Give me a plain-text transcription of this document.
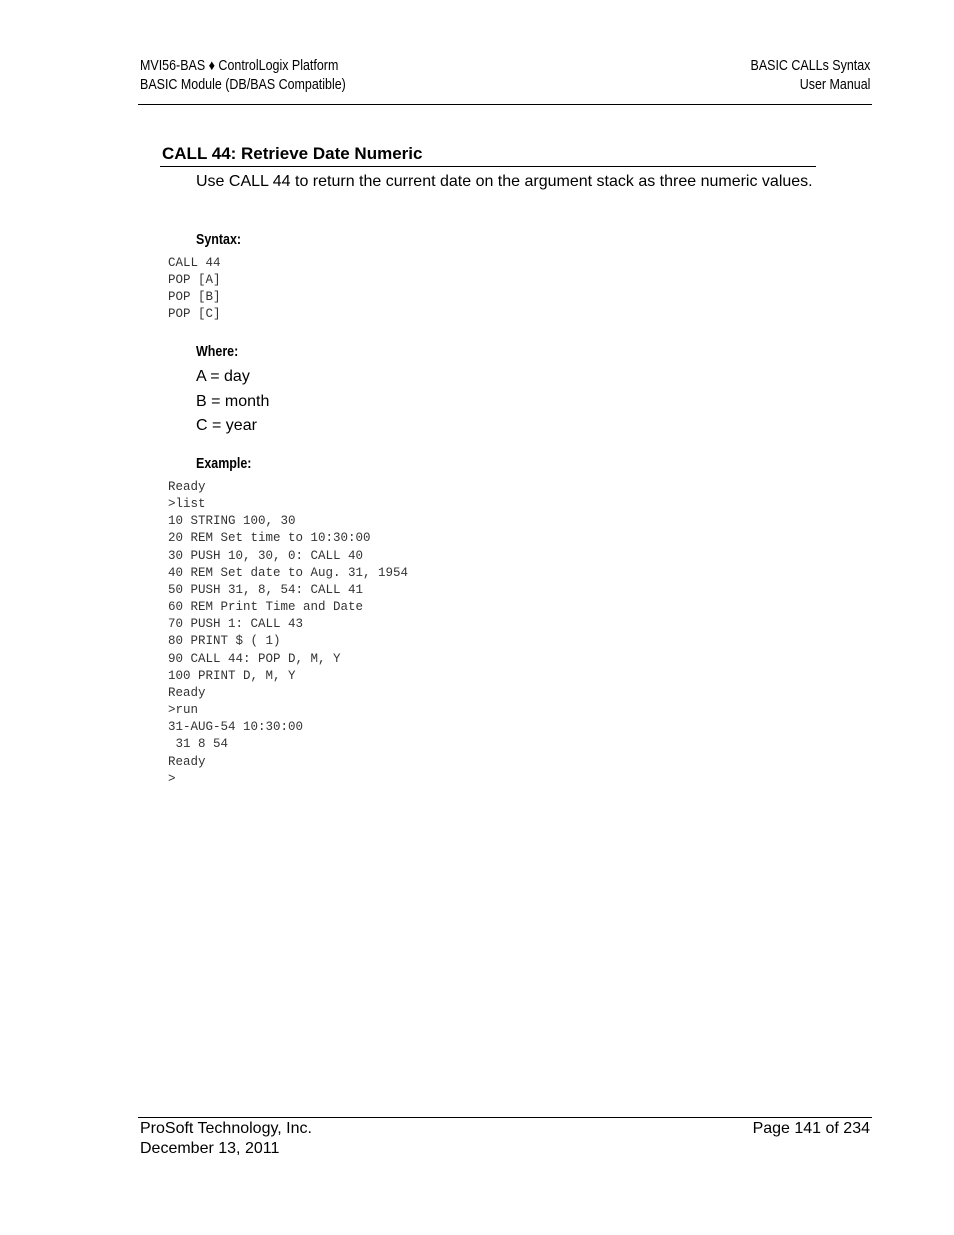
MVI56-BAS ♦ ControlLogix Platform
BASIC Module (DB/BAS Compatible)
BASIC CALLs Syntax
User Manual
CALL 44: Retrieve Date Numeric

Use CALL 44 to return the current date on the argument stack as three numeric values.

Syntax:
CALL 44
POP [A]
POP [B]
POP [C]
Where:
A = day
B = month
C = year
Example:
Ready
>list
10 STRING 100, 30
20 REM Set time to 10:30:00
30 PUSH 10, 30, 0: CALL 40
40 REM Set date to Aug. 31, 1954
50 PUSH 31, 8, 54: CALL 41
60 REM Print Time and Date
70 PUSH 1: CALL 43
80 PRINT $ ( 1)
90 CALL 44: POP D, M, Y
100 PRINT D, M, Y
Ready
>run
31-AUG-54 10:30:00
31 8 54
Ready
>
ProSoft Technology, Inc.
December 13, 2011
Page 141 of 234
